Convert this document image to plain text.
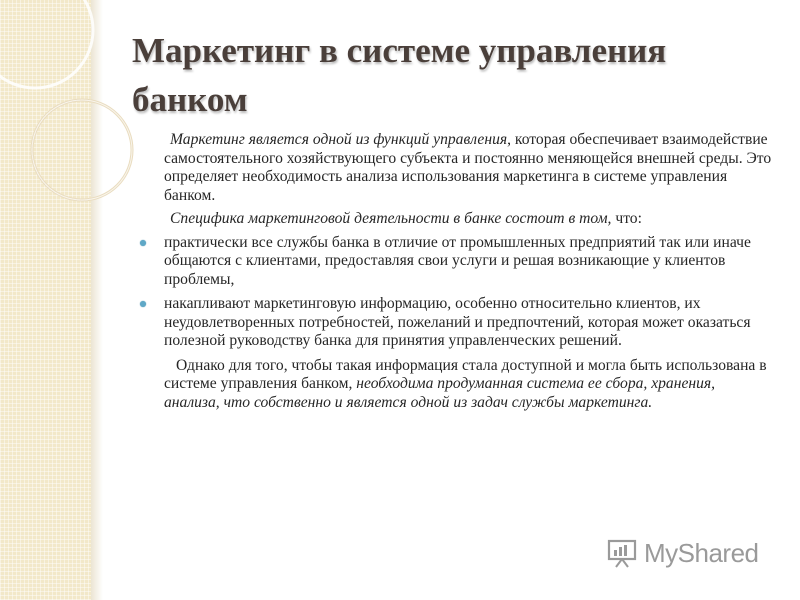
Маркетинг в системе управления банком

Маркетинг является одной из функций управления, которая обеспечивает взаимодействие самостоятельного хозяйствующего субъекта и постоянно меняющейся внешней среды. Это определяет необходимость анализа использования маркетинга в системе управления банком.

Специфика маркетинговой деятельности в банке состоит в том, что:

практически все службы банка в отличие от промышленных предприятий так или иначе общаются с клиентами, предоставляя свои услуги и решая возникающие у клиентов проблемы,
накапливают маркетинговую информацию, особенно относительно клиентов, их неудовлетворенных потребностей, пожеланий и предпочтений, которая может оказаться полезной руководству банка для принятия управленческих решений.

Однако для того, чтобы такая информация стала доступной и могла быть использована в системе управления банком, необходима продуманная система ее сбора, хранения, анализа, что собственно и является одной из задач службы маркетинга.

MyShared
